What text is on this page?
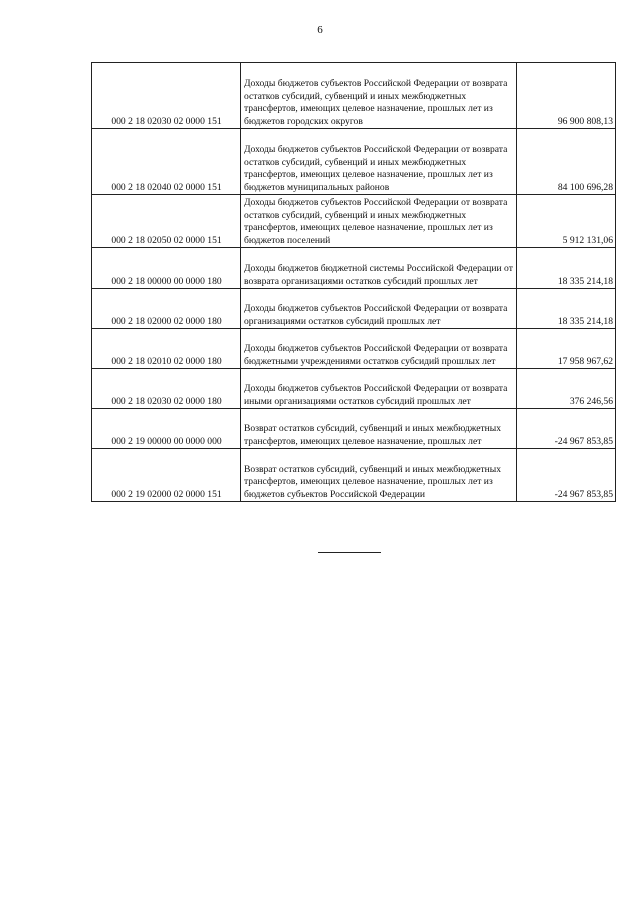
6
000 2 18 02030 02 0000 151	Доходы бюджетов субъектов Российской Федерации от возврата остатков субсидий, субвенций и иных межбюджетных трансфертов, имеющих целевое назначение, прошлых лет из бюджетов городских округов	96 900 808,13
000 2 18 02040 02 0000 151	Доходы бюджетов субъектов Российской Федерации от возврата остатков субсидий, субвенций и иных межбюджетных трансфертов, имеющих целевое назначение, прошлых лет из бюджетов муниципальных районов	84 100 696,28
000 2 18 02050 02 0000 151	Доходы бюджетов субъектов Российской Федерации от возврата остатков субсидий, субвенций и иных межбюджетных трансфертов, имеющих целевое назначение, прошлых лет из бюджетов поселений	5 912 131,06
000 2 18 00000 00 0000 180	Доходы бюджетов бюджетной системы Российской Федерации от возврата организациями остатков субсидий прошлых лет	18 335 214,18
000 2 18 02000 02 0000 180	Доходы бюджетов субъектов Российской Федерации от возврата организациями остатков субсидий прошлых лет	18 335 214,18
000 2 18 02010 02 0000 180	Доходы бюджетов субъектов Российской Федерации от возврата бюджетными учреждениями остатков субсидий прошлых лет	17 958 967,62
000 2 18 02030 02 0000 180	Доходы бюджетов субъектов Российской Федерации от возврата иными организациями остатков субсидий прошлых лет	376 246,56
000 2 19 00000 00 0000 000	Возврат остатков субсидий, субвенций и иных межбюджетных трансфертов, имеющих целевое назначение, прошлых лет	-24 967 853,85
000 2 19 02000 02 0000 151	Возврат остатков субсидий, субвенций и иных межбюджетных трансфертов, имеющих целевое назначение, прошлых лет из бюджетов субъектов Российской Федерации	-24 967 853,85
